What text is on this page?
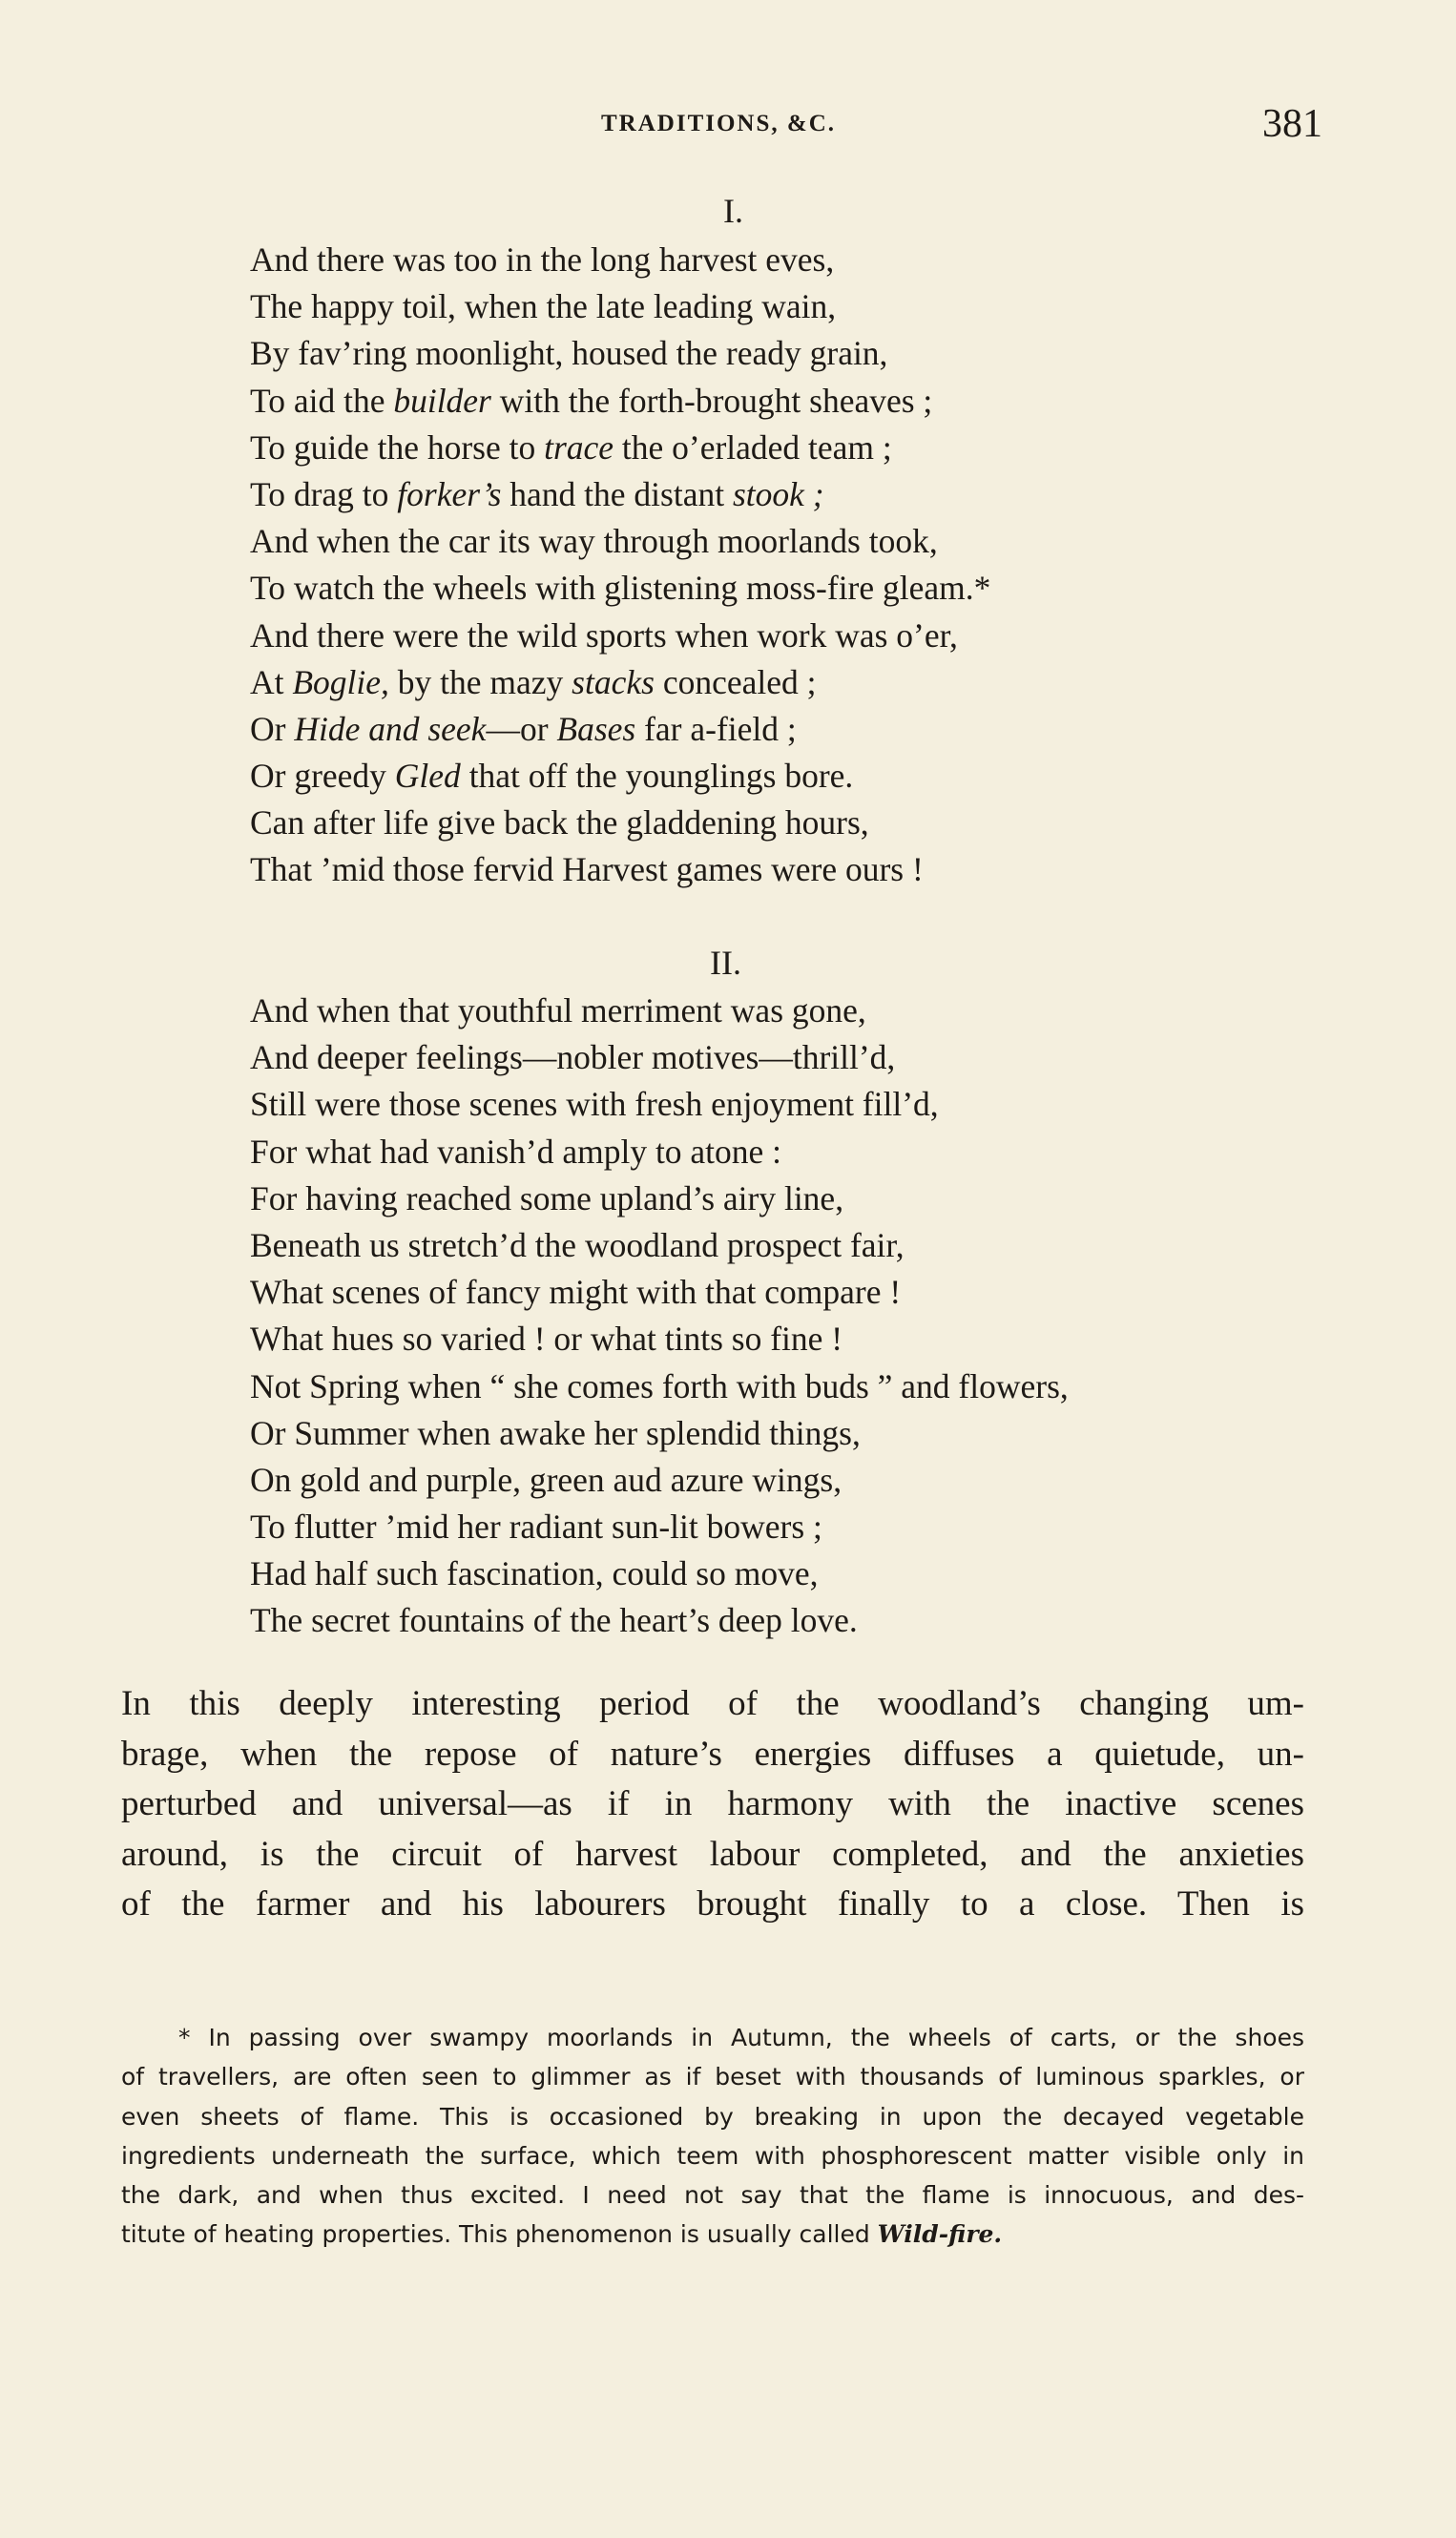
TRADITIONS, &C.	381
I.
And there was too in the long harvest eves,
The happy toil, when the late leading wain,
By fav’ring moonlight, housed the ready grain,
To aid the builder with the forth-brought sheaves ;
To guide the horse to trace the o’erladed team ;
To drag to forker’s hand the distant stook ;
And when the car its way through moorlands took,
To watch the wheels with glistening moss-fire gleam.*
And there were the wild sports when work was o’er,
At Boglie, by the mazy stacks concealed ;
Or Hide and seek—or Bases far a-field ;
Or greedy Gled that off the younglings bore.
Can after life give back the gladdening hours,
That ’mid those fervid Harvest games were ours !
II.
And when that youthful merriment was gone,
And deeper feelings—nobler motives—thrill’d,
Still were those scenes with fresh enjoyment fill’d,
For what had vanish’d amply to atone :
For having reached some upland’s airy line,
Beneath us stretch’d the woodland prospect fair,
What scenes of fancy might with that compare !
What hues so varied ! or what tints so fine !
Not Spring when “ she comes forth with buds ” and flowers,
Or Summer when awake her splendid things,
On gold and purple, green aud azure wings,
To flutter ’mid her radiant sun-lit bowers ;
Had half such fascination, could so move,
The secret fountains of the heart’s deep love.
In this deeply interesting period of the woodland’s changing um-
brage, when the repose of nature’s energies diffuses a quietude, un-
perturbed and universal—as if in harmony with the inactive scenes
around, is the circuit of harvest labour completed, and the anxieties
of the farmer and his labourers brought finally to a close. Then is
* In passing over swampy moorlands in Autumn, the wheels of carts, or the shoes
of travellers, are often seen to glimmer as if beset with thousands of luminous sparkles, or
even sheets of flame. This is occasioned by breaking in upon the decayed vegetable
ingredients underneath the surface, which teem with phosphorescent matter visible only in
the dark, and when thus excited. I need not say that the flame is innocuous, and des-
titute of heating properties. This phenomenon is usually called Wild-fire.
